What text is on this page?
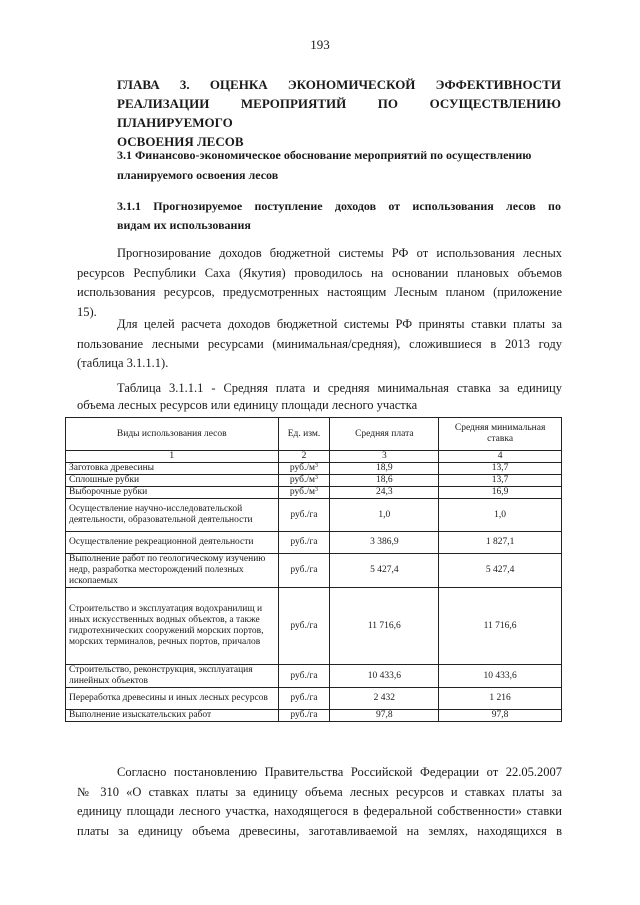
193
ГЛАВА 3. ОЦЕНКА ЭКОНОМИЧЕСКОЙ ЭФФЕКТИВНОСТИ
РЕАЛИЗАЦИИ МЕРОПРИЯТИЙ ПО ОСУЩЕСТВЛЕНИЮ ПЛАНИРУЕМОГО
ОСВОЕНИЯ ЛЕСОВ
3.1 Финансово-экономическое обоснование мероприятий по осуществлению
планируемого освоения лесов
3.1.1 Прогнозируемое поступление доходов от использования лесов по
видам их использования
Прогнозирование доходов бюджетной системы РФ от использования лесных
ресурсов Республики Саха (Якутия) проводилось на основании плановых объемов
использования ресурсов, предусмотренных настоящим Лесным планом (приложение
15).
Для целей расчета доходов бюджетной системы РФ приняты ставки платы за
пользование лесными ресурсами (минимальная/средняя), сложившиеся в 2013 году
(таблица 3.1.1.1).
Таблица 3.1.1.1 - Средняя плата и средняя минимальная ставка за единицу
объема лесных ресурсов или единицу площади лесного участка
Виды использования лесов	Ед. изм.	Средняя плата	Средняя минимальная ставка
1	2	3	4
Заготовка древесины	$руб./м^3$	18,9	13,7
Сплошные рубки	$руб./м^3$	18,6	13,7
Выборочные рубки	$руб./м^3$	24,3	16,9
Осуществление научно-исследовательской деятельности, образовательной деятельности	руб./га	1,0	1,0
Осуществление рекреационной деятельности	руб./га	3 386,9	1 827,1
Выполнение работ по геологическому изучению недр, разработка месторождений полезных ископаемых	руб./га	5 427,4	5 427,4
Строительство и эксплуатация водохранилищ и иных искусственных водных объектов, а также гидротехнических сооружений морских портов, морских терминалов, речных портов, причалов	руб./га	11 716,6	11 716,6
Строительство, реконструкция, эксплуатация линейных объектов	руб./га	10 433,6	10 433,6
Переработка древесины и иных лесных ресурсов	руб./га	2 432	1 216
Выполнение изыскательских работ	руб./га	97,8	97,8
Согласно постановлению Правительства Российской Федерации от 22.05.2007
№ 310 «О ставках платы за единицу объема лесных ресурсов и ставках платы за
единицу площади лесного участка, находящегося в федеральной собственности» ставки
платы за единицу объема древесины, заготавливаемой на землях, находящихся в
